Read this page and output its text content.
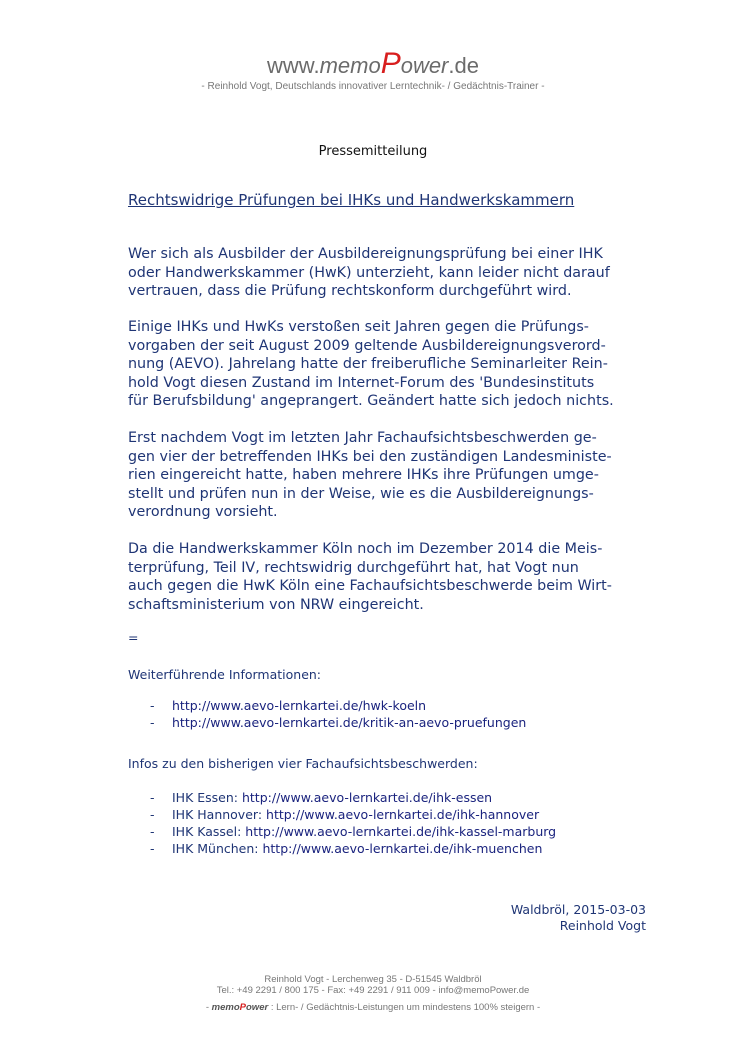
www.memoPower.de
- Reinhold Vogt, Deutschlands innovativer Lerntechnik- / Gedächtnis-Trainer -
Pressemitteilung
Rechtswidrige Prüfungen bei IHKs und Handwerkskammern
Wer sich als Ausbilder der Ausbildereignungsprüfung bei einer IHK
oder Handwerkskammer (HwK) unterzieht, kann leider nicht darauf
vertrauen, dass die Prüfung rechtskonform durchgeführt wird.
Einige IHKs und HwKs verstoßen seit Jahren gegen die Prüfungs-
vorgaben der seit August 2009 geltende Ausbildereignungsverord-
nung (AEVO). Jahrelang hatte der freiberufliche Seminarleiter Rein-
hold Vogt diesen Zustand im Internet-Forum des 'Bundesinstituts
für Berufsbildung' angeprangert. Geändert hatte sich jedoch nichts.
Erst nachdem Vogt im letzten Jahr Fachaufsichtsbeschwerden ge-
gen vier der betreffenden IHKs bei den zuständigen Landesministe-
rien eingereicht hatte, haben mehrere IHKs ihre Prüfungen umge-
stellt und prüfen nun in der Weise, wie es die Ausbildereignungs-
verordnung vorsieht.
Da die Handwerkskammer Köln noch im Dezember 2014 die Meis-
terprüfung, Teil IV, rechtswidrig durchgeführt hat, hat Vogt nun
auch gegen die HwK Köln eine Fachaufsichtsbeschwerde beim Wirt-
schaftsministerium von NRW eingereicht.
=
Weiterführende Informationen:
- http://www.aevo-lernkartei.de/hwk-koeln
- http://www.aevo-lernkartei.de/kritik-an-aevo-pruefungen
Infos zu den bisherigen vier Fachaufsichtsbeschwerden:
- IHK Essen: http://www.aevo-lernkartei.de/ihk-essen
- IHK Hannover: http://www.aevo-lernkartei.de/ihk-hannover
- IHK Kassel: http://www.aevo-lernkartei.de/ihk-kassel-marburg
- IHK München: http://www.aevo-lernkartei.de/ihk-muenchen
Waldbröl, 2015-03-03
Reinhold Vogt
Reinhold Vogt - Lerchenweg 35 - D-51545 Waldbröl
Tel.: +49 2291 / 800 175 - Fax: +49 2291 / 911 009 - info@memoPower.de
- memoPower : Lern- / Gedächtnis-Leistungen um mindestens 100% steigern -
